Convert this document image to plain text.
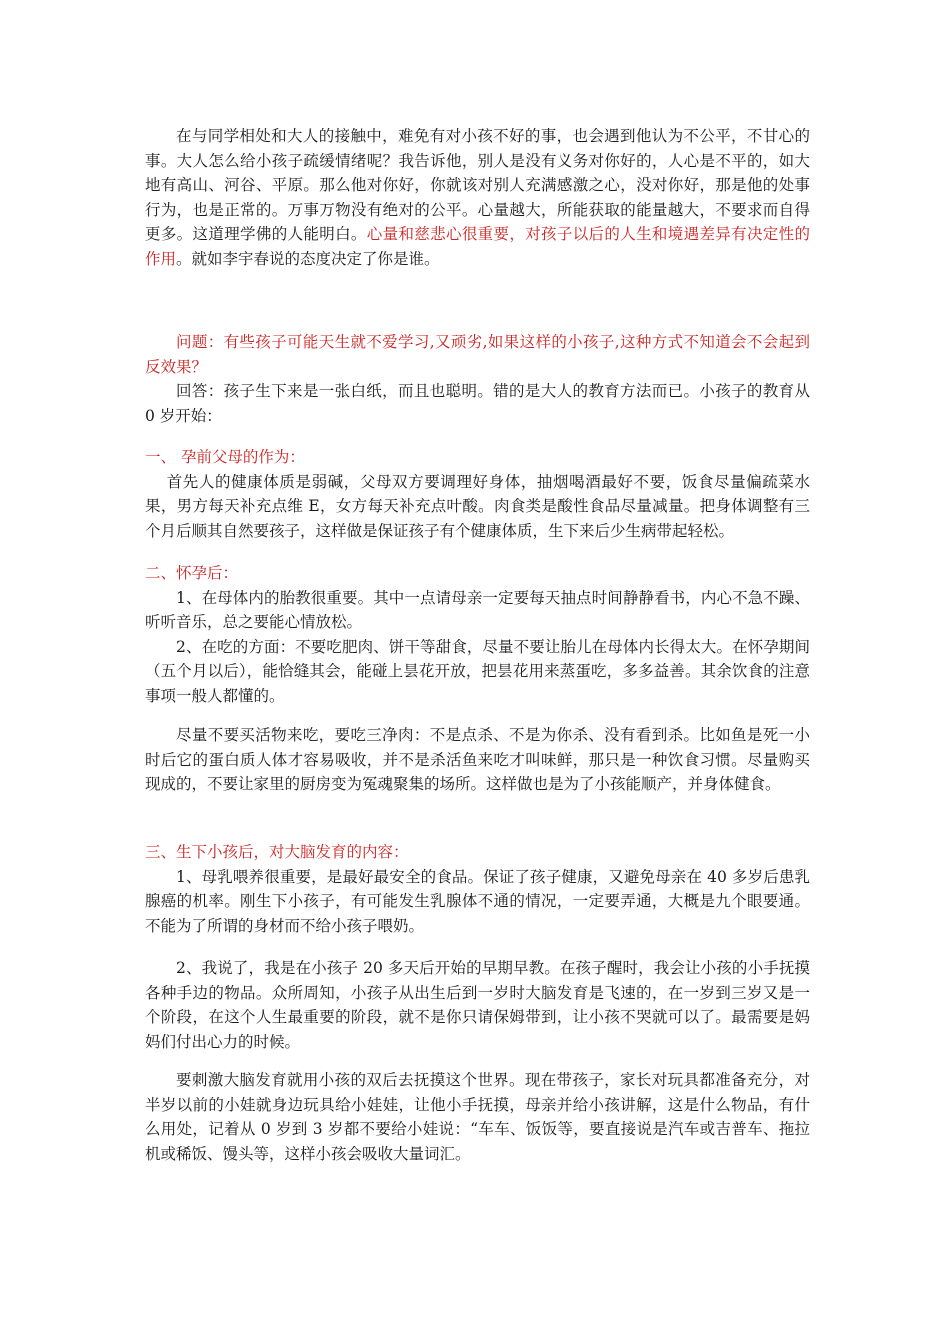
在与同学相处和大人的接触中，难免有对小孩不好的事，也会遇到他认为不公平，不甘心的事。大人怎么给小孩子疏缓情绪呢？我告诉他，别人是没有义务对你好的，人心是不平的，如大地有高山、河谷、平原。那么他对你好，你就该对别人充满感激之心，没对你好，那是他的处事行为，也是正常的。万事万物没有绝对的公平。心量越大，所能获取的能量越大，不要求而自得更多。这道理学佛的人能明白。心量和慈悲心很重要，对孩子以后的人生和境遇差异有决定性的作用。就如李宇春说的态度决定了你是谁。

问题：有些孩子可能天生就不爱学习,又顽劣,如果这样的小孩子,这种方式不知道会不会起到反效果？

回答：孩子生下来是一张白纸，而且也聪明。错的是大人的教育方法而已。小孩子的教育从 0 岁开始：

一、 孕前父母的作为：

首先人的健康体质是弱碱，父母双方要调理好身体，抽烟喝酒最好不要，饭食尽量偏疏菜水果，男方每天补充点维 E，女方每天补充点叶酸。肉食类是酸性食品尽量减量。把身体调整有三个月后顺其自然要孩子，这样做是保证孩子有个健康体质，生下来后少生病带起轻松。

二、怀孕后：

1、在母体内的胎教很重要。其中一点请母亲一定要每天抽点时间静静看书，内心不急不躁、听听音乐，总之要能心情放松。

2、在吃的方面：不要吃肥肉、饼干等甜食，尽量不要让胎儿在母体内长得太大。在怀孕期间（五个月以后），能恰缝其会，能碰上昙花开放，把昙花用来蒸蛋吃，多多益善。其余饮食的注意事项一般人都懂的。

尽量不要买活物来吃，要吃三净肉：不是点杀、不是为你杀、没有看到杀。比如鱼是死一小时后它的蛋白质人体才容易吸收，并不是杀活鱼来吃才叫味鲜，那只是一种饮食习惯。尽量购买现成的，不要让家里的厨房变为冤魂聚集的场所。这样做也是为了小孩能顺产，并身体健食。

三、生下小孩后，对大脑发育的内容：

1、母乳喂养很重要，是最好最安全的食品。保证了孩子健康，又避免母亲在 40 多岁后患乳腺癌的机率。刚生下小孩子，有可能发生乳腺体不通的情况，一定要弄通，大概是九个眼要通。不能为了所谓的身材而不给小孩子喂奶。

2、我说了，我是在小孩子 20 多天后开始的早期早教。在孩子醒时，我会让小孩的小手抚摸各种手边的物品。众所周知，小孩子从出生后到一岁时大脑发育是飞速的，在一岁到三岁又是一个阶段，在这个人生最重要的阶段，就不是你只请保姆带到，让小孩不哭就可以了。最需要是妈妈们付出心力的时候。

要刺激大脑发育就用小孩的双后去抚摸这个世界。现在带孩子，家长对玩具都准备充分，对半岁以前的小娃就身边玩具给小娃娃，让他小手抚摸，母亲并给小孩讲解，这是什么物品，有什么用处，记着从 0 岁到 3 岁都不要给小娃说：“车车、饭饭等，要直接说是汽车或吉普车、拖拉机或稀饭、馒头等，这样小孩会吸收大量词汇。
